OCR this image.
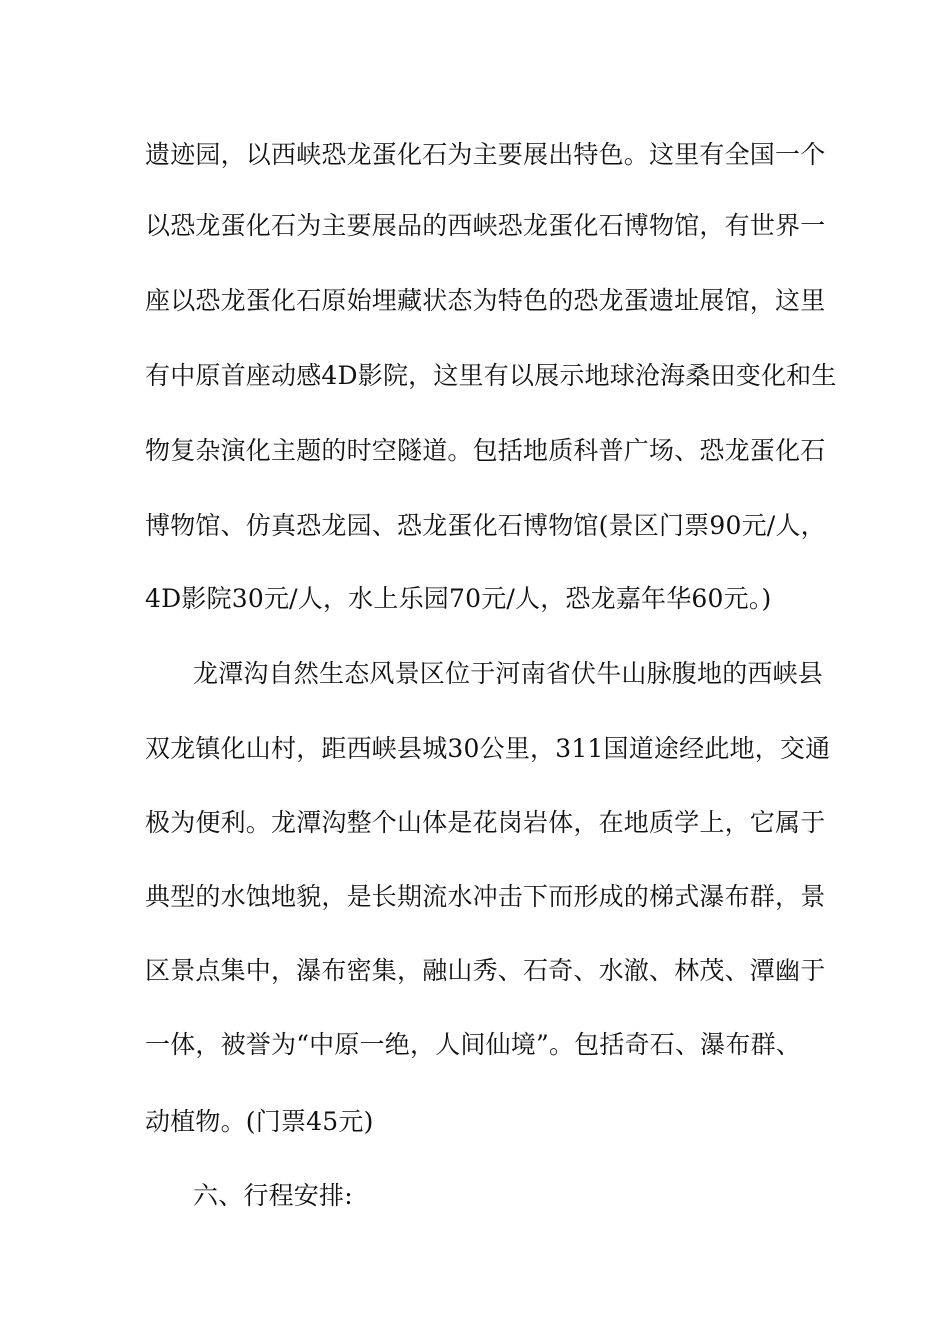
遗迹园，以西峡恐龙蛋化石为主要展出特色。这里有全国一个
以恐龙蛋化石为主要展品的西峡恐龙蛋化石博物馆，有世界一
座以恐龙蛋化石原始埋藏状态为特色的恐龙蛋遗址展馆，这里
有中原首座动感4D影院，这里有以展示地球沧海桑田变化和生
物复杂演化主题的时空隧道。包括地质科普广场、恐龙蛋化石
博物馆、仿真恐龙园、恐龙蛋化石博物馆(景区门票90元/人，
4D影院30元/人，水上乐园70元/人，恐龙嘉年华60元。)
龙潭沟自然生态风景区位于河南省伏牛山脉腹地的西峡县
双龙镇化山村，距西峡县城30公里，311国道途经此地，交通
极为便利。龙潭沟整个山体是花岗岩体，在地质学上，它属于
典型的水蚀地貌，是长期流水冲击下而形成的梯式瀑布群，景
区景点集中，瀑布密集，融山秀、石奇、水澈、林茂、潭幽于
一体，被誉为“中原一绝，人间仙境”。包括奇石、瀑布群、
动植物。(门票45元)
六、行程安排:
